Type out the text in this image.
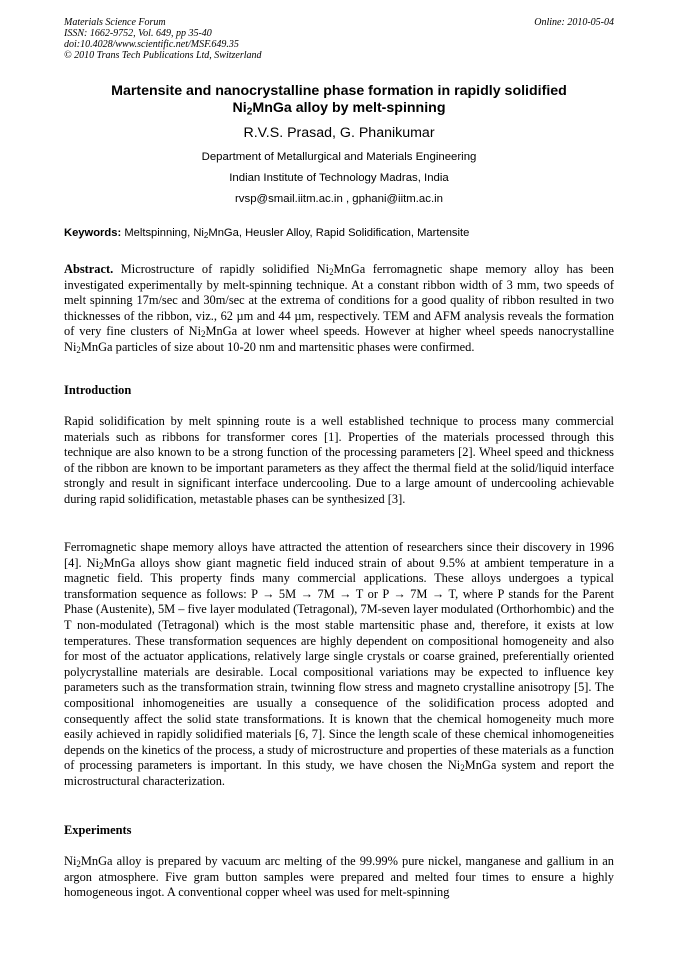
Materials Science Forum
ISSN: 1662-9752, Vol. 649, pp 35-40
doi:10.4028/www.scientific.net/MSF.649.35
© 2010 Trans Tech Publications Ltd, Switzerland
Online: 2010-05-04
Martensite and nanocrystalline phase formation in rapidly solidified
$Ni_2MnGa$ alloy by melt-spinning
R.V.S. Prasad, G. Phanikumar
Department of Metallurgical and Materials Engineering
Indian Institute of Technology Madras, India
rvsp@smail.iitm.ac.in , gphani@iitm.ac.in
Keywords: Meltspinning, $Ni_2MnGa$, Heusler Alloy, Rapid Solidification, Martensite
Abstract. Microstructure of rapidly solidified $Ni_2MnGa$ ferromagnetic shape memory alloy has been investigated experimentally by melt-spinning technique. At a constant ribbon width of 3 mm, two speeds of melt spinning 17m/sec and 30m/sec at the extrema of conditions for a good quality of ribbon resulted in two thicknesses of the ribbon, viz., 62 µm and 44 µm, respectively. TEM and AFM analysis reveals the formation of very fine clusters of $Ni_2MnGa$ at lower wheel speeds. However at higher wheel speeds nanocrystalline $Ni_2MnGa$ particles of size about 10-20 nm and martensitic phases were confirmed.
Introduction
Rapid solidification by melt spinning route is a well established technique to process many commercial materials such as ribbons for transformer cores [1]. Properties of the materials processed through this technique are also known to be a strong function of the processing parameters [2]. Wheel speed and thickness of the ribbon are known to be important parameters as they affect the thermal field at the solid/liquid interface strongly and result in significant interface undercooling. Due to a large amount of undercooling achievable during rapid solidification, metastable phases can be synthesized [3].
Ferromagnetic shape memory alloys have attracted the attention of researchers since their discovery in 1996 [4]. $Ni_2MnGa$ alloys show giant magnetic field induced strain of about 9.5% at ambient temperature in a magnetic field. This property finds many commercial applications. These alloys undergoes a typical transformation sequence as follows: P → 5M → 7M → T or P → 7M → T, where P stands for the Parent Phase (Austenite), 5M – five layer modulated (Tetragonal), 7M-seven layer modulated (Orthorhombic) and the T non-modulated (Tetragonal) which is the most stable martensitic phase and, therefore, it exists at low temperatures. These transformation sequences are highly dependent on compositional homogeneity and also for most of the actuator applications, relatively large single crystals or coarse grained, preferentially oriented polycrystalline materials are desirable. Local compositional variations may be expected to influence key parameters such as the transformation strain, twinning flow stress and magneto crystalline anisotropy [5]. The compositional inhomogeneities are usually a consequence of the solidification process adopted and consequently affect the solid state transformations. It is known that the chemical homogeneity much more easily achieved in rapidly solidified materials [6, 7]. Since the length scale of these chemical inhomogeneities depends on the kinetics of the process, a study of microstructure and properties of these materials as a function of processing parameters is important. In this study, we have chosen the $Ni_2MnGa$ system and report the microstructural characterization.
Experiments
$Ni_2MnGa$ alloy is prepared by vacuum arc melting of the 99.99% pure nickel, manganese and gallium in an argon atmosphere. Five gram button samples were prepared and melted four times to ensure a highly homogeneous ingot. A conventional copper wheel was used for melt-spinning
